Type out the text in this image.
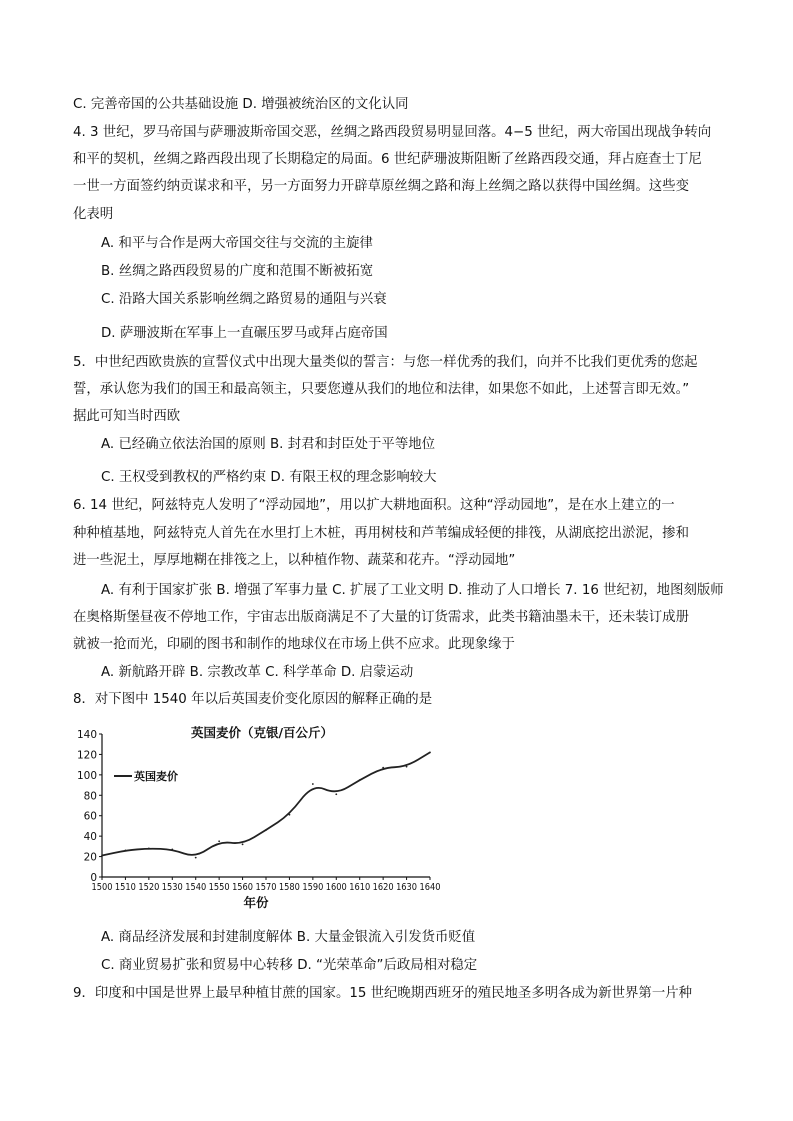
C. 完善帝国的公共基础设施 D. 增强被统治区的文化认同
4. 3 世纪，罗马帝国与萨珊波斯帝国交恶，丝绸之路西段贸易明显回落。4−5 世纪，两大帝国出现战争转向
和平的契机，丝绸之路西段出现了长期稳定的局面。6 世纪萨珊波斯阻断了丝路西段交通，拜占庭查士丁尼
一世一方面签约纳贡谋求和平，另一方面努力开辟草原丝绸之路和海上丝绸之路以获得中国丝绸。这些变
化表明
A. 和平与合作是两大帝国交往与交流的主旋律
B. 丝绸之路西段贸易的广度和范围不断被拓宽
C. 沿路大国关系影响丝绸之路贸易的通阻与兴衰
D. 萨珊波斯在军事上一直碾压罗马或拜占庭帝国
5．中世纪西欧贵族的宣誓仪式中出现大量类似的誓言：与您一样优秀的我们，向并不比我们更优秀的您起
誓，承认您为我们的国王和最高领主，只要您遵从我们的地位和法律，如果您不如此，上述誓言即无效。”
据此可知当时西欧
A. 已经确立依法治国的原则 B. 封君和封臣处于平等地位
C. 王权受到教权的严格约束 D. 有限王权的理念影响较大
6. 14 世纪，阿兹特克人发明了“浮动园地”，用以扩大耕地面积。这种“浮动园地”，是在水上建立的一
种种植基地，阿兹特克人首先在水里打上木桩，再用树枝和芦苇编成轻便的排筏，从湖底挖出淤泥，掺和
进一些泥土，厚厚地糊在排筏之上，以种植作物、蔬菜和花卉。“浮动园地”
A. 有利于国家扩张 B. 增强了军事力量 C. 扩展了工业文明 D. 推动了人口增长 7. 16 世纪初，地图刻版师
在奥格斯堡昼夜不停地工作，宇宙志出版商满足不了大量的订货需求，此类书籍油墨未干，还未装订成册
就被一抢而光，印刷的图书和制作的地球仪在市场上供不应求。此现象缘于
A. 新航路开辟 B. 宗教改革 C. 科学革命 D. 启蒙运动
8．对下图中 1540 年以后英国麦价变化原因的解释正确的是
0
20
40
60
80
100
120
140
1500 1510 1520 1530 1540 1550 1560 1570 1580 1590 1600 1610 1620 1630 1640
英国麦价（克银/百公斤）
年份
英国麦价
A. 商品经济发展和封建制度解体 B. 大量金银流入引发货币贬值
C. 商业贸易扩张和贸易中心转移 D. “光荣革命”后政局相对稳定
9．印度和中国是世界上最早种植甘蔗的国家。15 世纪晚期西班牙的殖民地圣多明各成为新世界第一片种
